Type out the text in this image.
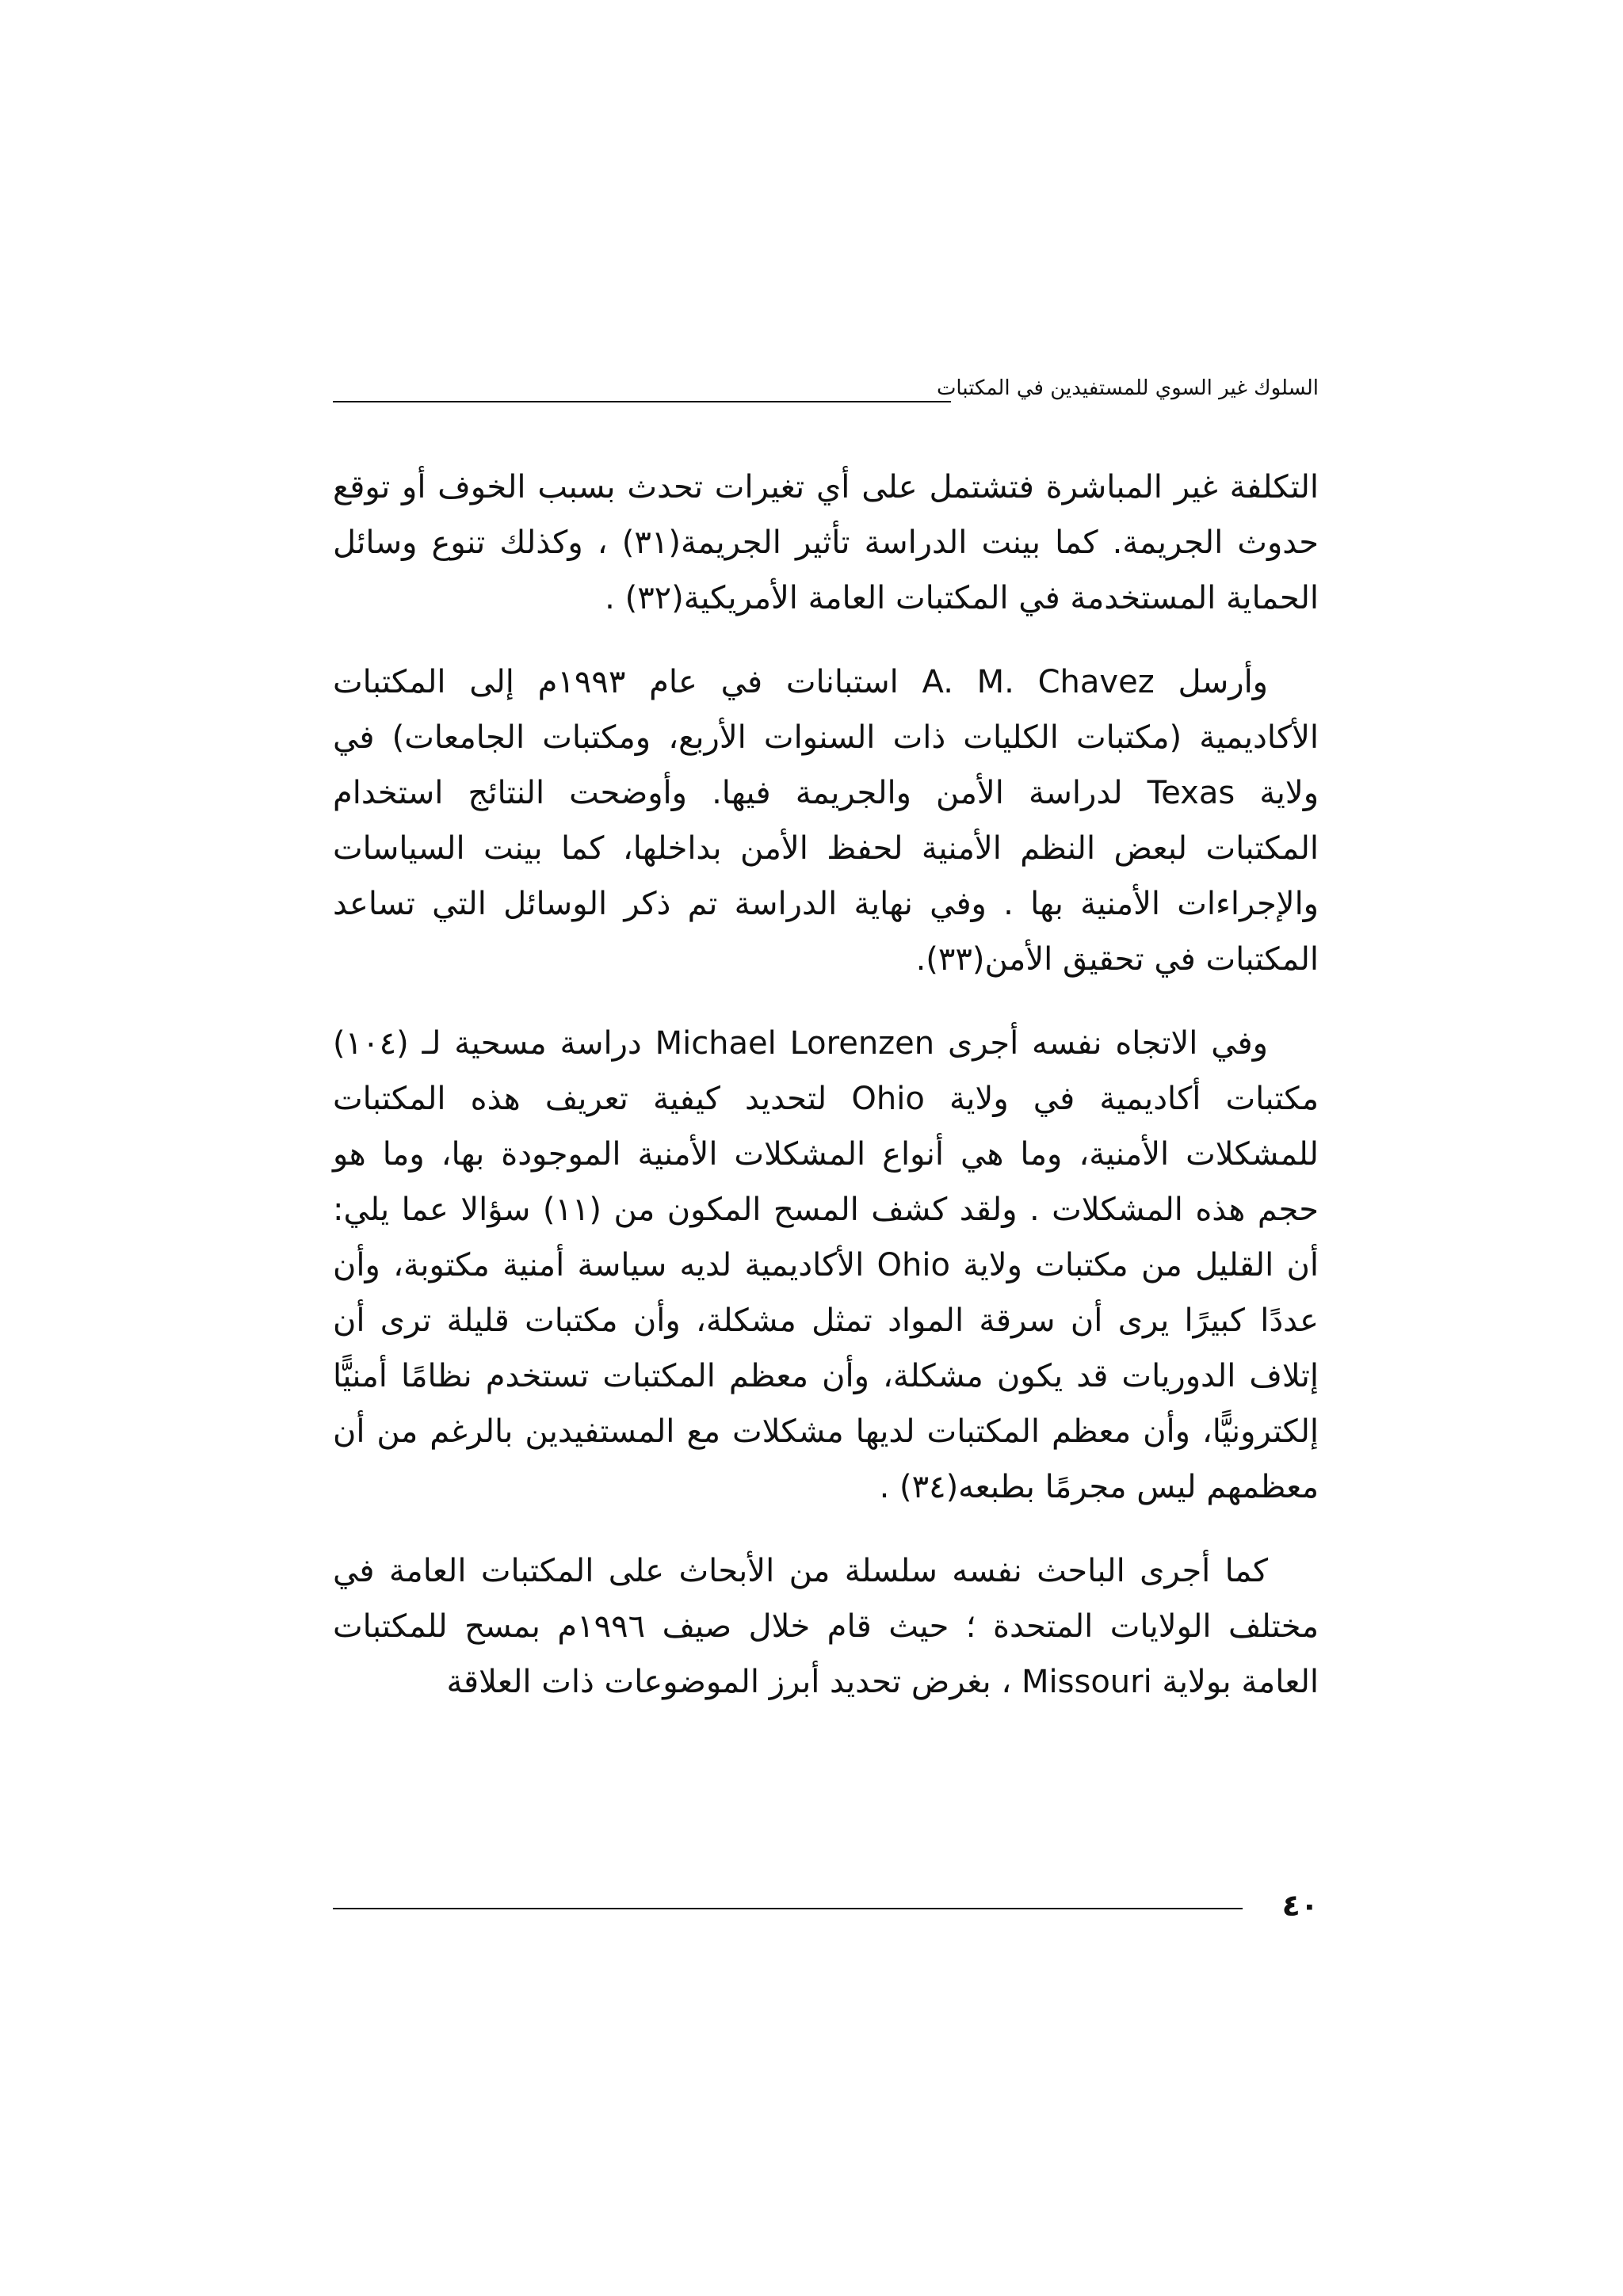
السلوك غير السوي للمستفيدين في المكتبات

التكلفة غير المباشرة فتشتمل على أي تغيرات تحدث بسبب الخوف أو توقع حدوث الجريمة. كما بينت الدراسة تأثير الجريمة(٣١) ، وكذلك تنوع وسائل الحماية المستخدمة في المكتبات العامة الأمريكية(٣٢) .

وأرسل A. M. Chavez استبانات في عام ١٩٩٣م إلى المكتبات الأكاديمية (مكتبات الكليات ذات السنوات الأربع، ومكتبات الجامعات) في ولاية Texas لدراسة الأمن والجريمة فيها. وأوضحت النتائج استخدام المكتبات لبعض النظم الأمنية لحفظ الأمن بداخلها، كما بينت السياسات والإجراءات الأمنية بها . وفي نهاية الدراسة تم ذكر الوسائل التي تساعد المكتبات في تحقيق الأمن(٣٣).

وفي الاتجاه نفسه أجرى Michael Lorenzen دراسة مسحية لـ (١٠٤) مكتبات أكاديمية في ولاية Ohio لتحديد كيفية تعريف هذه المكتبات للمشكلات الأمنية، وما هي أنواع المشكلات الأمنية الموجودة بها، وما هو حجم هذه المشكلات . ولقد كشف المسح المكون من (١١) سؤالا عما يلي: أن القليل من مكتبات ولاية Ohio الأكاديمية لديه سياسة أمنية مكتوبة، وأن عددًا كبيرًا يرى أن سرقة المواد تمثل مشكلة، وأن مكتبات قليلة ترى أن إتلاف الدوريات قد يكون مشكلة، وأن معظم المكتبات تستخدم نظامًا أمنيًّا إلكترونيًّا، وأن معظم المكتبات لديها مشكلات مع المستفيدين بالرغم من أن معظمهم ليس مجرمًا بطبعه(٣٤) .

كما أجرى الباحث نفسه سلسلة من الأبحاث على المكتبات العامة في مختلف الولايات المتحدة ؛ حيث قام خلال صيف ١٩٩٦م بمسح للمكتبات العامة بولاية Missouri ، بغرض تحديد أبرز الموضوعات ذات العلاقة

٤٠
